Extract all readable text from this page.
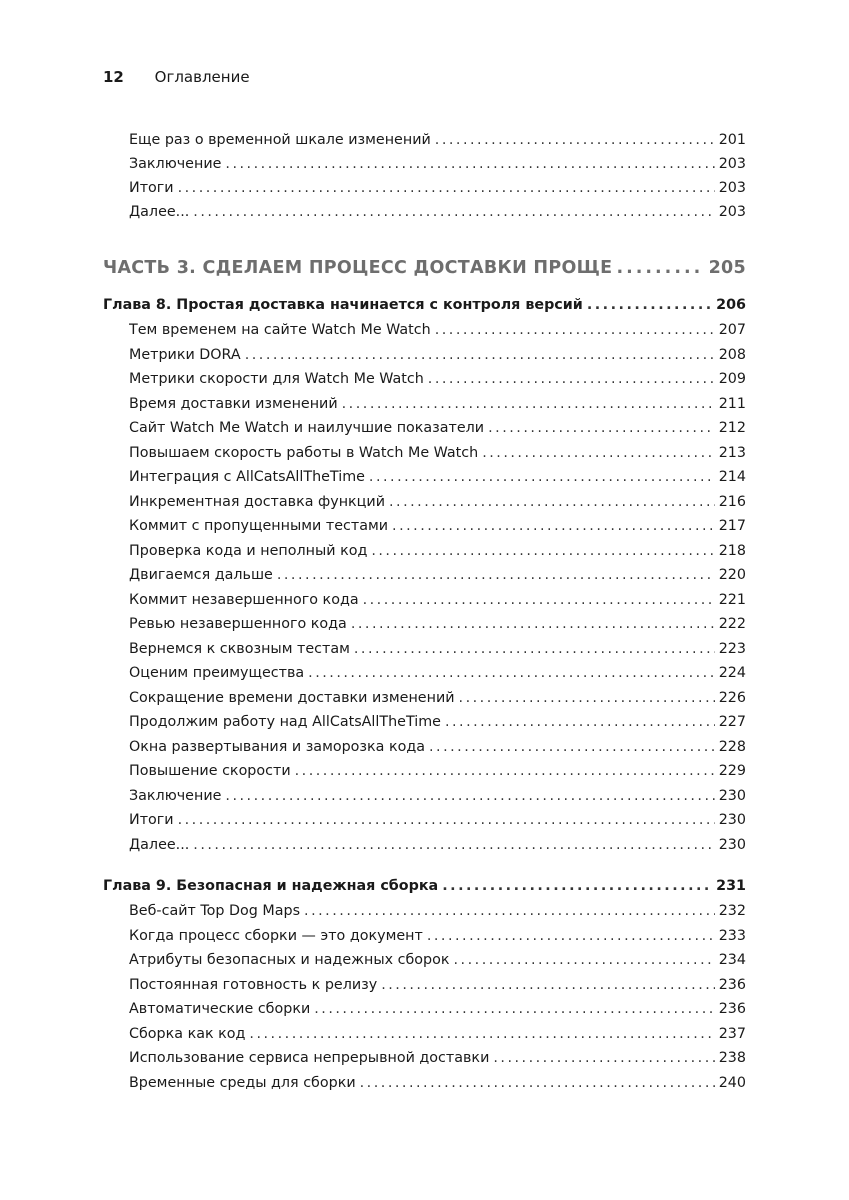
12 Оглавление
Еще раз о временной шкале изменений .....	201
Заключение .....	203
Итоги .....	203
Далее... .....	203
ЧАСТЬ 3. СДЕЛАЕМ ПРОЦЕСС ДОСТАВКИ ПРОЩЕ .....	205
Глава 8. Простая доставка начинается с контроля версий .....	206
Тем временем на сайте Watch Me Watch .....	207
Метрики DORA .....	208
Метрики скорости для Watch Me Watch .....	209
Время доставки изменений .....	211
Сайт Watch Me Watch и наилучшие показатели .....	212
Повышаем скорость работы в Watch Me Watch .....	213
Интеграция с AllCatsAllTheTime .....	214
Инкрементная доставка функций .....	216
Коммит с пропущенными тестами .....	217
Проверка кода и неполный код .....	218
Двигаемся дальше .....	220
Коммит незавершенного кода .....	221
Ревью незавершенного кода .....	222
Вернемся к сквозным тестам .....	223
Оценим преимущества .....	224
Сокращение времени доставки изменений .....	226
Продолжим работу над AllCatsAllTheTime .....	227
Окна развертывания и заморозка кода .....	228
Повышение скорости .....	229
Заключение .....	230
Итоги .....	230
Далее... .....	230
Глава 9. Безопасная и надежная сборка .....	231
Веб-сайт Top Dog Maps .....	232
Когда процесс сборки — это документ .....	233
Атрибуты безопасных и надежных сборок .....	234
Постоянная готовность к релизу .....	236
Автоматические сборки .....	236
Сборка как код .....	237
Использование сервиса непрерывной доставки .....	238
Временные среды для сборки .....	240
